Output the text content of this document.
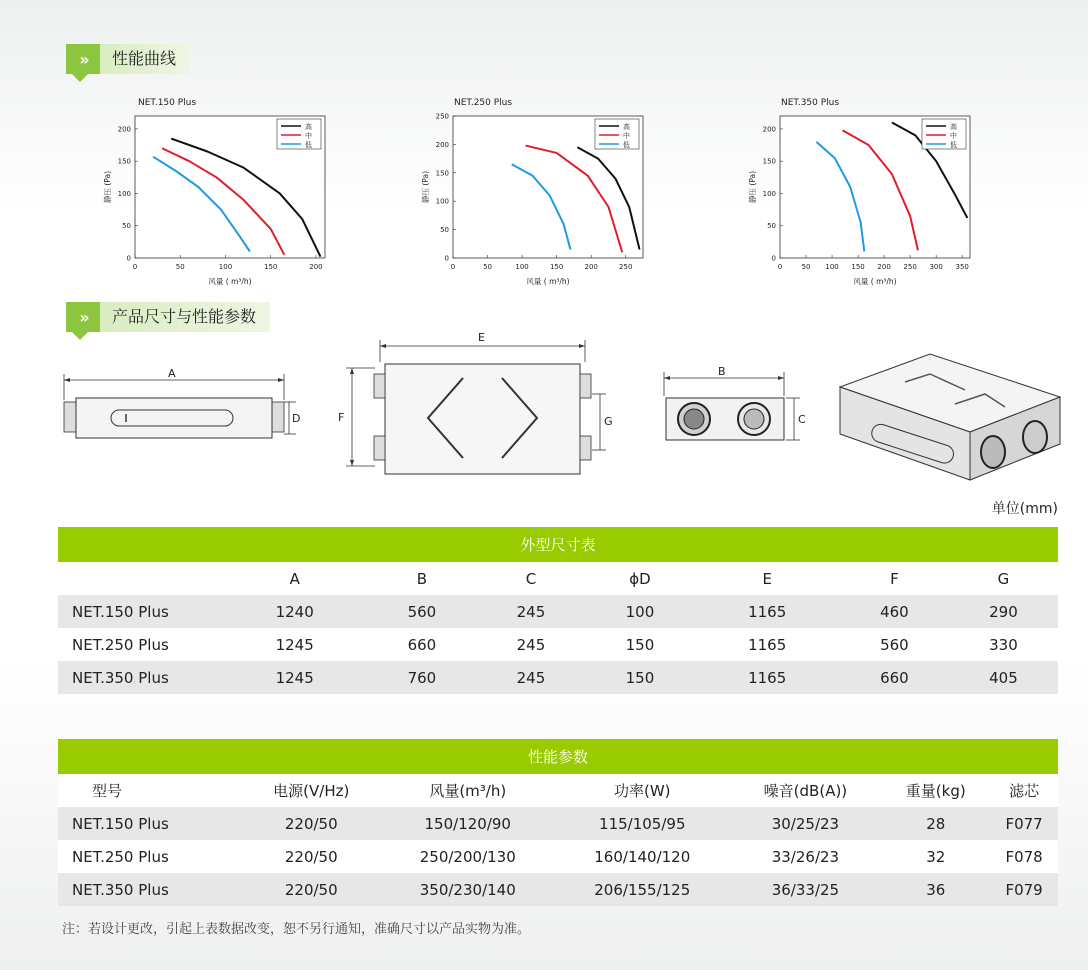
»	性能曲线
NET.150 Plus
0	50	100	150	200
0
50
100
150
200
风量 ( m³/h)
静压 (Pa)
高
中
低
NET.250 Plus
0	50	100	150	200	250
0
50
100
150
200
250
风量 ( m³/h)
静压 (Pa)
高
中
低
NET.350 Plus
0	50 100 150 200 250 300 350
0
50
100
150
200
风量 ( m³/h)
静压 (Pa)
高
中
低
»	产品尺寸与性能参数
A
D
E
F	G
B
C
单位(mm)
外型尺寸表							
	A	B	C	ϕD	E	F	G
NET.150 Plus	1240	560	245	100	1165	460	290
NET.250 Plus	1245	660	245	150	1165	560	330
NET.350 Plus	1245	760	245	150	1165	660	405
性能参数						
型号	电源(V/Hz)	风量(m³/h)	功率(W)	噪音(dB(A))	重量(kg)	滤芯
NET.150 Plus	220/50	150/120/90	115/105/95	30/25/23	28	F077
NET.250 Plus	220/50	250/200/130	160/140/120	33/26/23	32	F078
NET.350 Plus	220/50	350/230/140	206/155/125	36/33/25	36	F079
注：若设计更改，引起上表数据改变，恕不另行通知，准确尺寸以产品实物为准。
